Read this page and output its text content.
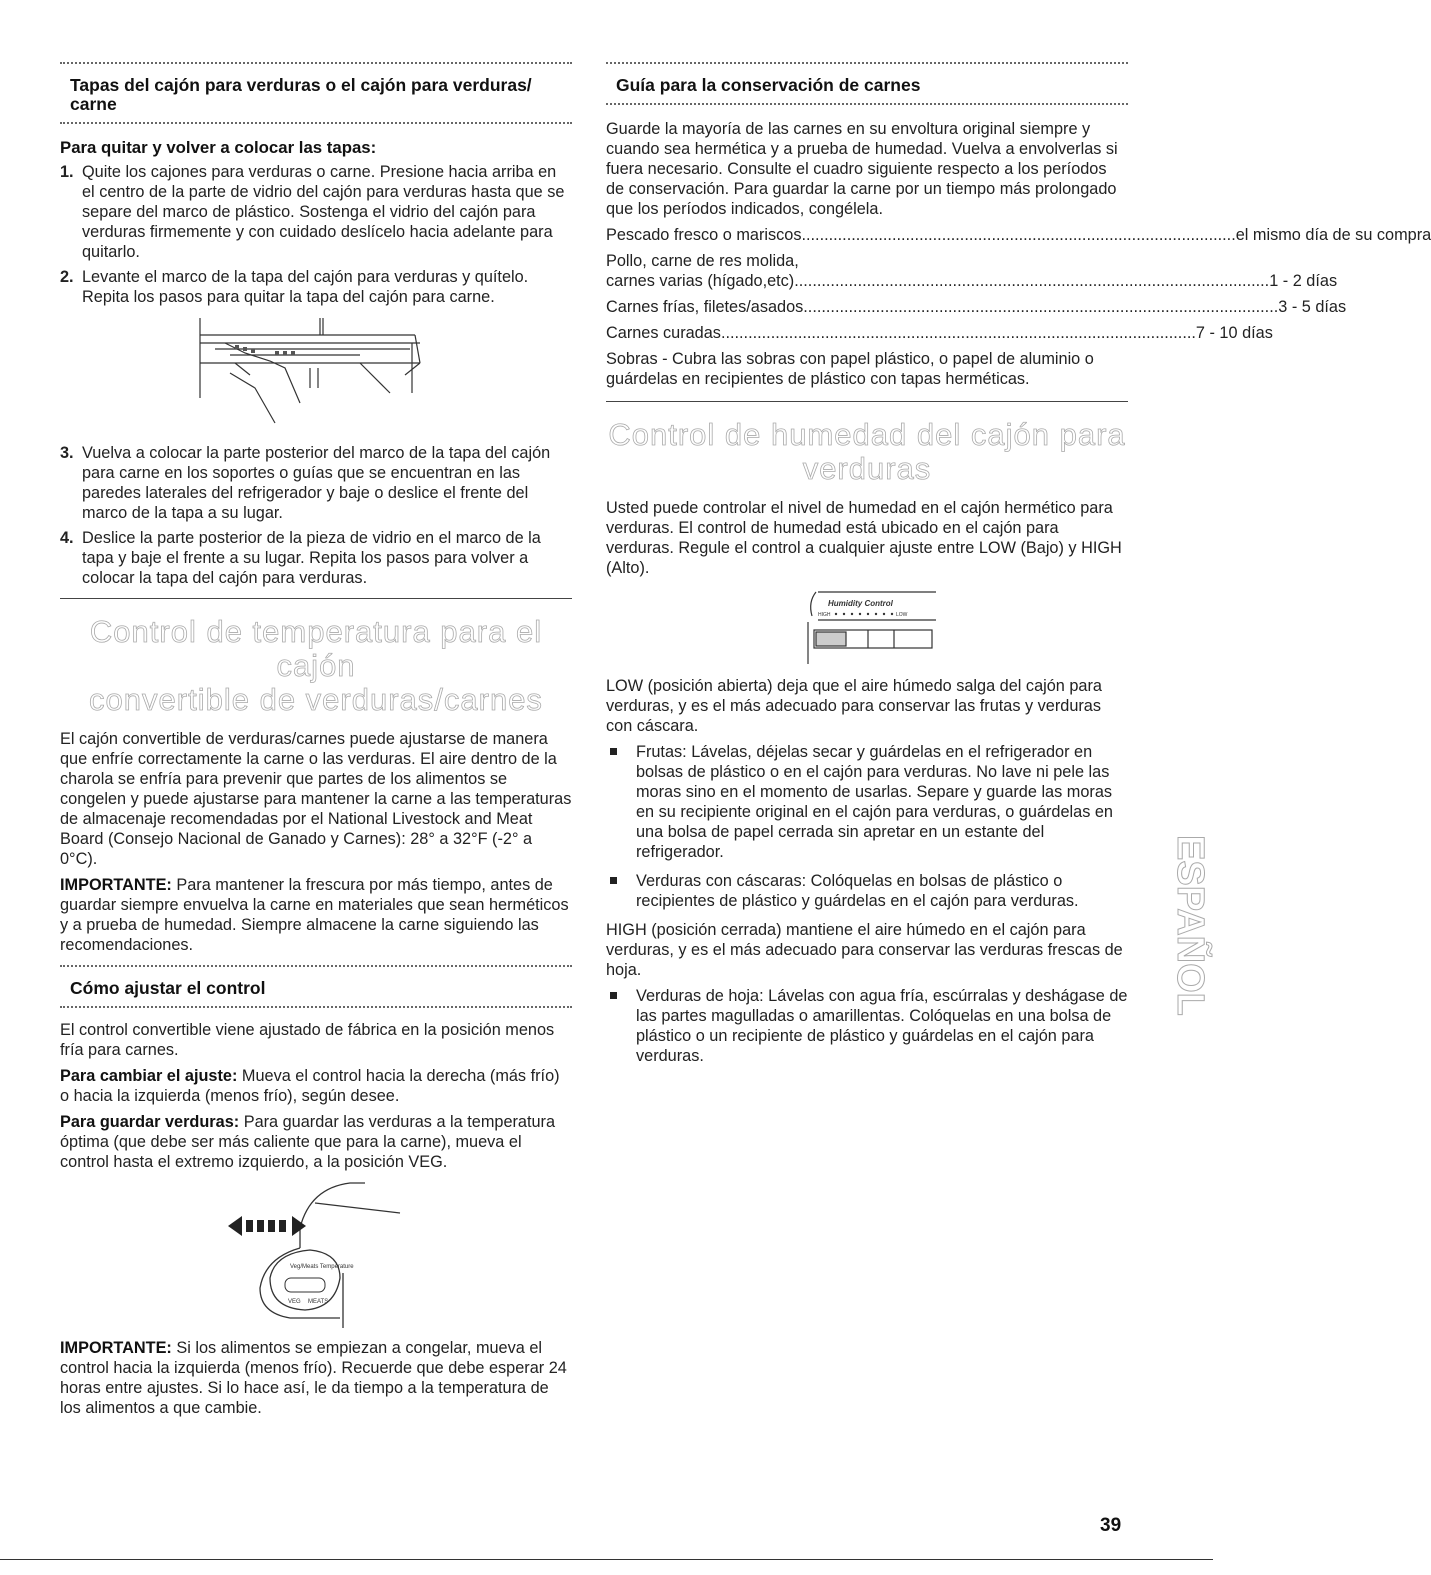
Tapas del cajón para verduras o el cajón para verduras/ carne
Para quitar y volver a colocar las tapas:
1. Quite los cajones para verduras o carne. Presione hacia arriba en el centro de la parte de vidrio del cajón para verduras hasta que se separe del marco de plástico. Sostenga el vidrio del cajón para verduras firmemente y con cuidado deslícelo hacia adelante para quitarlo.
2. Levante el marco de la tapa del cajón para verduras y quítelo. Repita los pasos para quitar la tapa del cajón para carne.
3. Vuelva a colocar la parte posterior del marco de la tapa del cajón para carne en los soportes o guías que se encuentran en las paredes laterales del refrigerador y baje o deslice el frente del marco de la tapa a su lugar.
4. Deslice la parte posterior de la pieza de vidrio en el marco de la tapa y baje el frente a su lugar. Repita los pasos para volver a colocar la tapa del cajón para verduras.
Control de temperatura para el cajón
convertible de verduras/carnes

El cajón convertible de verduras/carnes puede ajustarse de manera que enfríe correctamente la carne o las verduras. El aire dentro de la charola se enfría para prevenir que partes de los alimentos se congelen y puede ajustarse para mantener la carne a las temperaturas de almacenaje recomendadas por el National Livestock and Meat Board (Consejo Nacional de Ganado y Carnes): 28° a 32°F (-2° a 0°C).

IMPORTANTE: Para mantener la frescura por más tiempo, antes de guardar siempre envuelva la carne en materiales que sean herméticos y a prueba de humedad. Siempre almacene la carne siguiendo las recomendaciones.

Cómo ajustar el control

El control convertible viene ajustado de fábrica en la posición menos fría para carnes.

Para cambiar el ajuste: Mueva el control hacia la derecha (más frío) o hacia la izquierda (menos frío), según desee.

Para guardar verduras: Para guardar las verduras a la temperatura óptima (que debe ser más caliente que para la carne), mueva el control hasta el extremo izquierdo, a la posición VEG.

Veg/Meats Temperature
VEG MEATS

IMPORTANTE: Si los alimentos se empiezan a congelar, mueva el control hacia la izquierda (menos frío). Recuerde que debe esperar 24 horas entre ajustes. Si lo hace así, le da tiempo a la temperatura de los alimentos a que cambie.

Guía para la conservación de carnes

Guarde la mayoría de las carnes en su envoltura original siempre y cuando sea hermética y a prueba de humedad. Vuelva a envolverlas si fuera necesario. Consulte el cuadro siguiente respecto a los períodos de conservación. Para guardar la carne por un tiempo más prolongado que los períodos indicados, congélela.

Pescado fresco o mariscos ................................................................................................ el mismo día de su compra
Pollo, carne de res molida,
carnes varias (hígado,etc) ......................................................................................................... 1 - 2 días
Carnes frías, filetes/asados ......................................................................................................... 3 - 5 días
Carnes curadas ......................................................................................................... 7 - 10 días

Sobras - Cubra las sobras con papel plástico, o papel de aluminio o guárdelas en recipientes de plástico con tapas herméticas.

Control de humedad del cajón para
verduras

Usted puede controlar el nivel de humedad en el cajón hermético para verduras. El control de humedad está ubicado en el cajón para verduras. Regule el control a cualquier ajuste entre LOW (Bajo) y HIGH (Alto).

Humidity Control
HIGH	LOW

LOW (posición abierta) deja que el aire húmedo salga del cajón para verduras, y es el más adecuado para conservar las frutas y verduras con cáscara.

Frutas: Lávelas, déjelas secar y guárdelas en el refrigerador en bolsas de plástico o en el cajón para verduras. No lave ni pele las moras sino en el momento de usarlas. Separe y guarde las moras en su recipiente original en el cajón para verduras, o guárdelas en una bolsa de papel cerrada sin apretar en un estante del refrigerador.
Verduras con cáscaras: Colóquelas en bolsas de plástico o recipientes de plástico y guárdelas en el cajón para verduras.

HIGH (posición cerrada) mantiene el aire húmedo en el cajón para verduras, y es el más adecuado para conservar las verduras frescas de hoja.

Verduras de hoja: Lávelas con agua fría, escúrralas y deshágase de las partes magulladas o amarillentas. Colóquelas en una bolsa de plástico o un recipiente de plástico y guárdelas en el cajón para verduras.
ESPAÑOL
39
